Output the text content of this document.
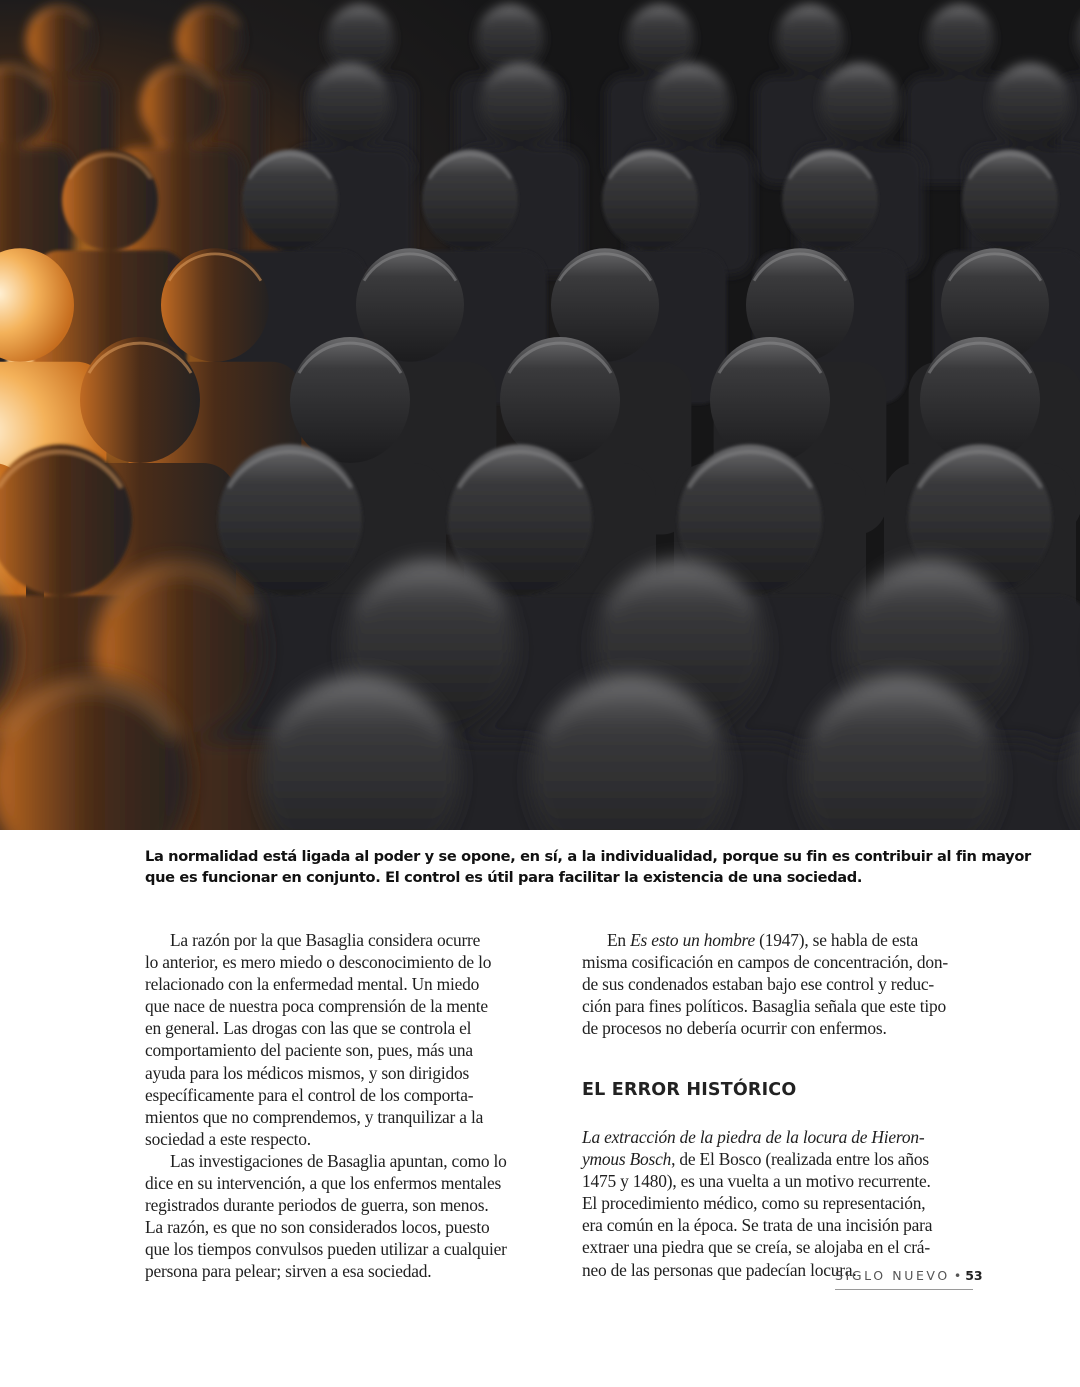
La normalidad está ligada al poder y se opone, en sí, a la individualidad, porque su fin es contribuir al fin mayor
que es funcionar en conjunto. El control es útil para facilitar la existencia de una sociedad.
La razón por la que Basaglia considera ocurre
lo anterior, es mero miedo o desconocimiento de lo
relacionado con la enfermedad mental. Un miedo
que nace de nuestra poca comprensión de la mente
en general. Las drogas con las que se controla el
comportamiento del paciente son, pues, más una
ayuda para los médicos mismos, y son dirigidos
específicamente para el control de los comporta-
mientos que no comprendemos, y tranquilizar a la
sociedad a este respecto.
Las investigaciones de Basaglia apuntan, como lo
dice en su intervención, a que los enfermos mentales
registrados durante periodos de guerra, son menos.
La razón, es que no son considerados locos, puesto
que los tiempos convulsos pueden utilizar a cualquier
persona para pelear; sirven a esa sociedad.
En Es esto un hombre (1947), se habla de esta
misma cosificación en campos de concentración, don-
de sus condenados estaban bajo ese control y reduc-
ción para fines políticos. Basaglia señala que este tipo
de procesos no debería ocurrir con enfermos.
EL ERROR HISTÓRICO
La extracción de la piedra de la locura de Hieron-
ymous Bosch, de El Bosco (realizada entre los años
1475 y 1480), es una vuelta a un motivo recurrente.
El procedimiento médico, como su representación,
era común en la época. Se trata de una incisión para
extraer una piedra que se creía, se alojaba en el crá-
neo de las personas que padecían locura.
SIGLO NUEVO • 53
